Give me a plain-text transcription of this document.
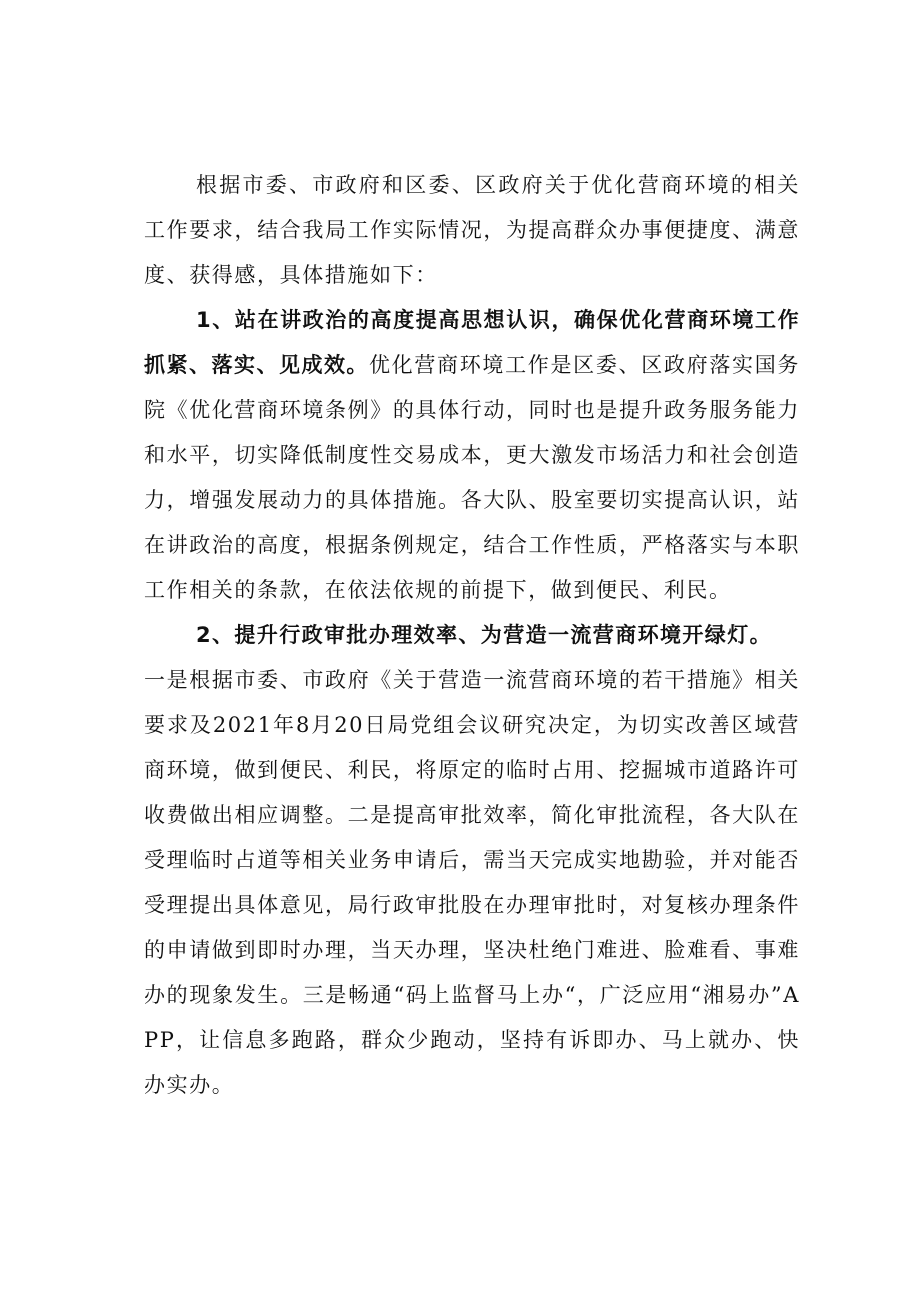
根据市委、市政府和区委、区政府关于优化营商环境的相关工作要求，结合我局工作实际情况，为提高群众办事便捷度、满意度、获得感，具体措施如下：

1、站在讲政治的高度提高思想认识，确保优化营商环境工作抓紧、落实、见成效。优化营商环境工作是区委、区政府落实国务院《优化营商环境条例》的具体行动，同时也是提升政务服务能力和水平，切实降低制度性交易成本，更大激发市场活力和社会创造力，增强发展动力的具体措施。各大队、股室要切实提高认识，站在讲政治的高度，根据条例规定，结合工作性质，严格落实与本职工作相关的条款，在依法依规的前提下，做到便民、利民。

2、提升行政审批办理效率、为营造一流营商环境开绿灯。
一是根据市委、市政府《关于营造一流营商环境的若干措施》相关要求及2021年8月20日局党组会议研究决定，为切实改善区域营商环境，做到便民、利民，将原定的临时占用、挖掘城市道路许可收费做出相应调整。二是提高审批效率，简化审批流程，各大队在受理临时占道等相关业务申请后，需当天完成实地勘验，并对能否受理提出具体意见，局行政审批股在办理审批时，对复核办理条件的申请做到即时办理，当天办理，坚决杜绝门难进、脸难看、事难办的现象发生。三是畅通“码上监督马上办“，广泛应用“湘易办”APP，让信息多跑路，群众少跑动，坚持有诉即办、马上就办、快办实办。
